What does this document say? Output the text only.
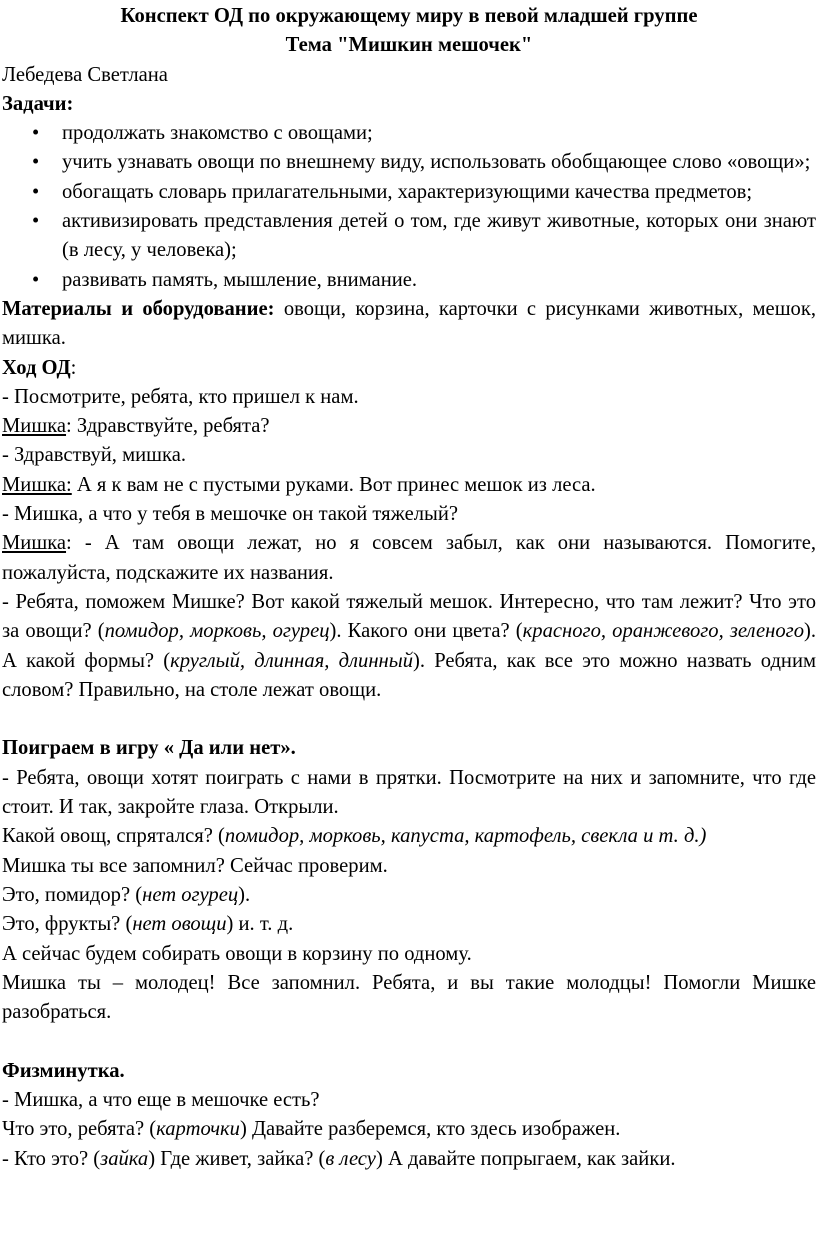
Конспект ОД по окружающему миру в певой младшей группе
Тема "Мишкин мешочек"

Лебедева Светлана

Задачи:

• продолжать знакомство с овощами;
• учить узнавать овощи по внешнему виду, использовать обобщающее слово «овощи»;
• обогащать словарь прилагательными, характеризующими качества предметов;
• активизировать представления детей о том, где живут животные, которых они знают (в лесу, у человека);
• развивать память, мышление, внимание.

Материалы и оборудование: овощи, корзина, карточки с рисунками животных, мешок, мишка.

Ход ОД:

- Посмотрите, ребята, кто пришел к нам.

Мишка: Здравствуйте, ребята?

- Здравствуй, мишка.

Мишка: А я к вам не с пустыми руками. Вот принес мешок из леса.

- Мишка, а что у тебя в мешочке он такой тяжелый?

Мишка: - А там овощи лежат, но я совсем забыл, как они называются. Помогите, пожалуйста, подскажите их названия.

- Ребята, поможем Мишке? Вот какой тяжелый мешок. Интересно, что там лежит? Что это за овощи? (помидор, морковь, огурец). Какого они цвета? (красного, оранжевого, зеленого). А какой формы? (круглый, длинная, длинный). Ребята, как все это можно назвать одним словом? Правильно, на столе лежат овощи.

Поиграем в игру « Да или нет».

- Ребята, овощи хотят поиграть с нами в прятки. Посмотрите на них и запомните, что где стоит. И так, закройте глаза. Открыли.

Какой овощ, спрятался? (помидор, морковь, капуста, картофель, свекла и т. д.)

Мишка ты все запомнил? Сейчас проверим.

Это, помидор? (нет огурец).

Это, фрукты? (нет овощи) и. т. д.

А сейчас будем собирать овощи в корзину по одному.

Мишка ты – молодец! Все запомнил. Ребята, и вы такие молодцы! Помогли Мишке разобраться.

Физминутка.

- Мишка, а что еще в мешочке есть?

Что это, ребята? (карточки) Давайте разберемся, кто здесь изображен.

- Кто это? (зайка) Где живет, зайка? (в лесу) А давайте попрыгаем, как зайки.
